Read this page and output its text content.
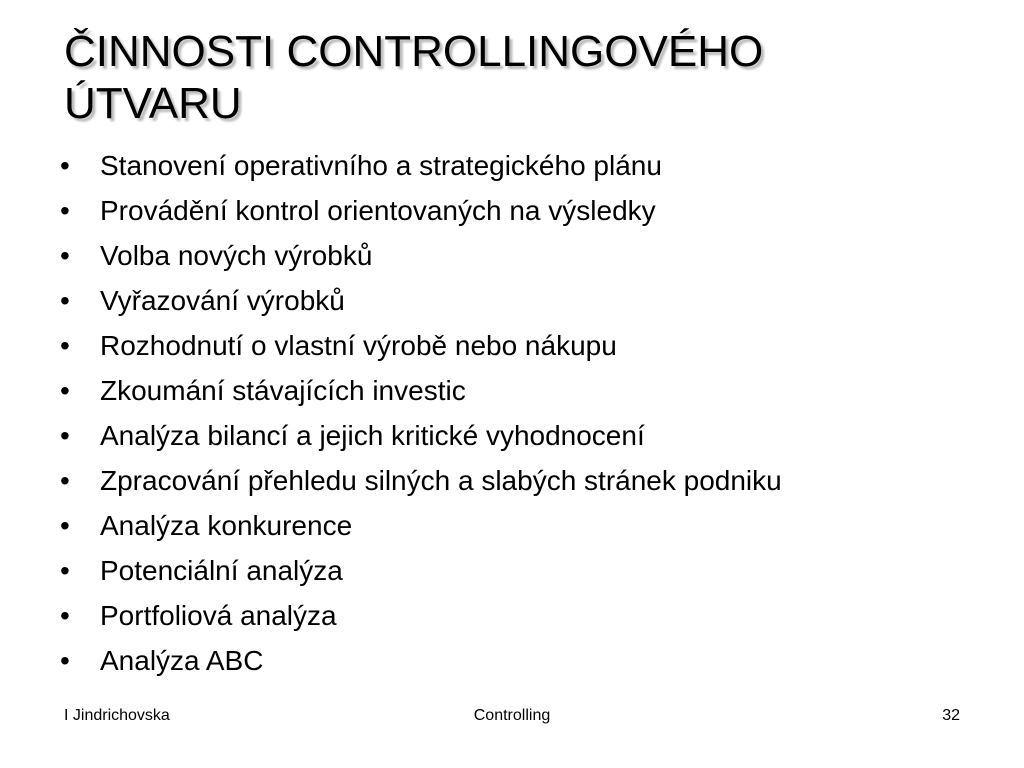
ČINNOSTI CONTROLLINGOVÉHO
ÚTVARU
•	Stanovení operativního a strategického plánu
•	Provádění kontrol orientovaných na výsledky
•	Volba nových výrobků
•	Vyřazování výrobků
•	Rozhodnutí o vlastní výrobě nebo nákupu
•	Zkoumání stávajících investic
•	Analýza bilancí a jejich kritické vyhodnocení
•	Zpracování přehledu silných a slabých stránek podniku
•	Analýza konkurence
•	Potenciální analýza
•	Portfoliová analýza
•	Analýza ABC
I Jindrichovska	Controlling	32
